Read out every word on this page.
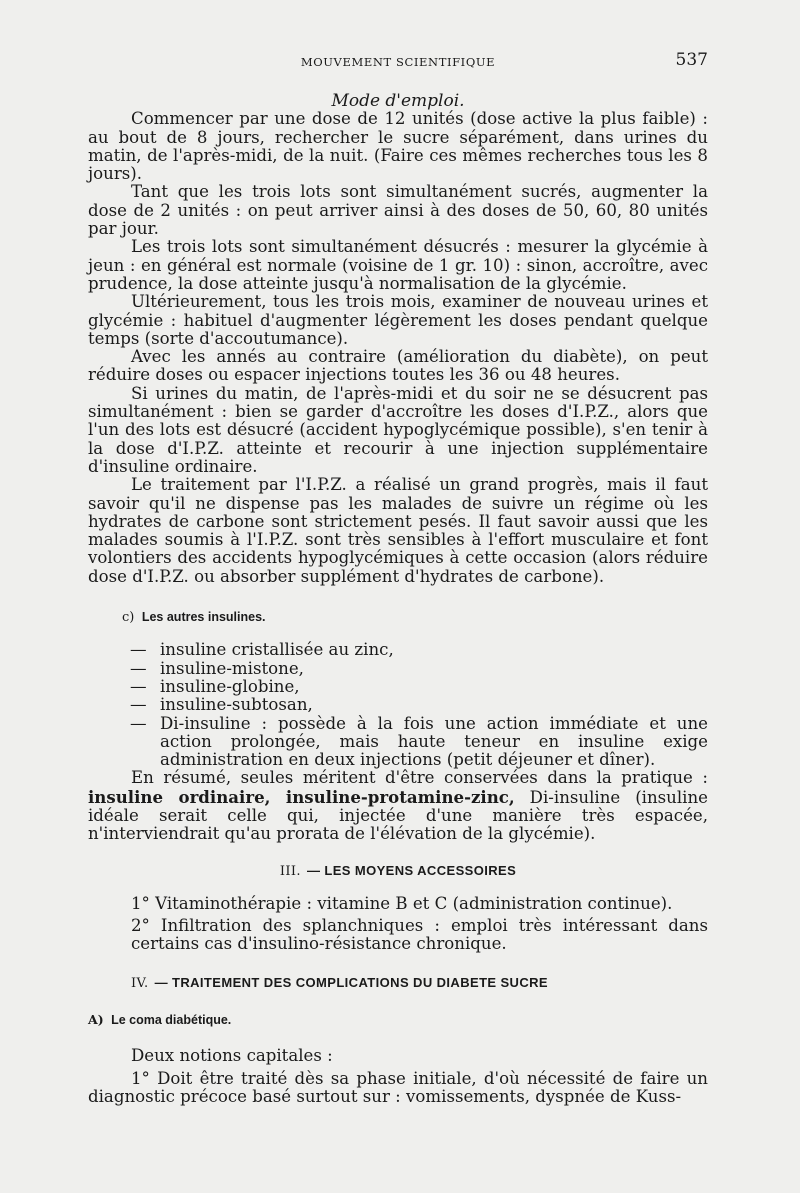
MOUVEMENT SCIENTIFIQUE	537

Mode d'emploi.

Commencer par une dose de 12 unités (dose active la plus faible) : au bout de 8 jours, rechercher le sucre séparément, dans urines du matin, de l'après-midi, de la nuit. (Faire ces mêmes recherches tous les 8 jours).

Tant que les trois lots sont simultanément sucrés, augmenter la dose de 2 unités : on peut arriver ainsi à des doses de 50, 60, 80 unités par jour.

Les trois lots sont simultanément désucrés : mesurer la glycémie à jeun : en général est normale (voisine de 1 gr. 10) : sinon, accroître, avec prudence, la dose atteinte jusqu'à normalisation de la glycémie.

Ultérieurement, tous les trois mois, examiner de nouveau urines et glycémie : habituel d'augmenter légèrement les doses pendant quelque temps (sorte d'accoutumance).

Avec les annés au contraire (amélioration du diabète), on peut réduire doses ou espacer injections toutes les 36 ou 48 heures.

Si urines du matin, de l'après-midi et du soir ne se désucrent pas simultanément : bien se garder d'accroître les doses d'I.P.Z., alors que l'un des lots est désucré (accident hypoglycémique possible), s'en tenir à la dose d'I.P.Z. atteinte et recourir à une injection supplémentaire d'insuline ordinaire.

Le traitement par l'I.P.Z. a réalisé un grand progrès, mais il faut savoir qu'il ne dispense pas les malades de suivre un régime où les hydrates de carbone sont strictement pesés. Il faut savoir aussi que les malades soumis à l'I.P.Z. sont très sensibles à l'effort musculaire et font volontiers des accidents hypoglycémiques à cette occasion (alors réduire dose d'I.P.Z. ou absorber supplément d'hydrates de carbone).

c) Les autres insulines.
— insuline cristallisée au zinc,
— insuline-mistone,
— insuline-globine,
— insuline-subtosan,
— Di-insuline : possède à la fois une action immédiate et une action prolongée, mais haute teneur en insuline exige administration en deux injections (petit déjeuner et dîner).

En résumé, seules méritent d'être conservées dans la pratique : insuline ordinaire, insuline-protamine-zinc, Di-insuline (insuline idéale serait celle qui, injectée d'une manière très espacée, n'interviendrait qu'au prorata de l'élévation de la glycémie).

III. — LES MOYENS ACCESSOIRES

1° Vitaminothérapie : vitamine B et C (administration continue).

2° Infiltration des splanchniques : emploi très intéressant dans certains cas d'insulino-résistance chronique.

IV. — TRAITEMENT DES COMPLICATIONS DU DIABETE SUCRE
A) Le coma diabétique.

Deux notions capitales :

1° Doit être traité dès sa phase initiale, d'où nécessité de faire un diagnostic précoce basé surtout sur : vomissements, dyspnée de Kuss-
